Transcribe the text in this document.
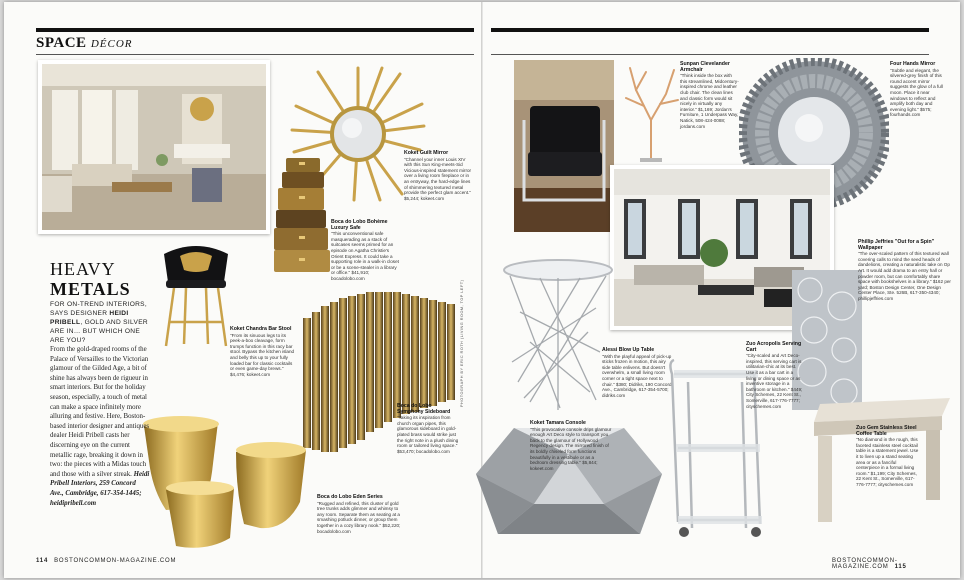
SPACE DÉCOR
Koket Guilt Mirror
"Channel your inner Louis XIV with this Sun King-meets-Sid Vicious-inspired statement mirror over a living room fireplace or in an entryway, the hard-edge lines of shimmering textured metal provide the perfect glam accent." $5,244; kokeet.com
Boca do Lobo Bohème Luxury Safe
"This unconventional safe masquerading as a stack of suitcases seems primed for an episode on Agatha Christie's Orient Express. It could take a supporting role in a walk-in closet or be a scene-stealer in a library or office." $41,910; bocadolobo.com
Koket Chandra Bar Stool
"From its sinuous legs to its peek-a-boo cleavage, form trumps function in this racy bar stool. Bypass the kitchen island and belly this up to your fully loaded bar for classic cocktails or even game-day brews." $4,476; kokeet.com
Boca do Lobo Symphony Sideboard
"Taking its inspiration from church organ pipes, this glamorous sideboard in gold-plated brass would strike just the right note in a plush dining room or tailored living space." $53,470; bocadolobo.com
Boca do Lobo Eden Series
"Rugged and refined, this cluster of gold tree trunks adds glimmer and whimsy to any room. Separate them as seating at a smashing potluck dinner, or group them together in a cozy library nook." $52,220; bocadolobo.com
HEAVY
METALS
FOR ON-TREND INTERIORS, SAYS DESIGNER HEIDI PRIBELL, GOLD AND SILVER ARE IN… BUT WHICH ONE ARE YOU?
From the gold-draped rooms of the Palace of Versailles to the Victorian glamour of the Gilded Age, a bit of shine has always been de rigueur in smart interiors. But for the holiday season, especially, a touch of metal can make a space infinitely more alluring and festive. Here, Boston-based interior designer and antiques dealer Heidi Pribell casts her discerning eye on the current metallic rage, breaking it down in two: the pieces with a Midas touch and those with a silver streak. Heidi Pribell Interiors, 259 Concord Ave., Cambridge, 617-354-1445; heidipribell.com
114 BOSTONCOMMON-MAGAZINE.COM
PHOTOGRAPH BY ERIC ROTH (LIVING ROOM, TOP LEFT)
Sunpan Clevelander Armchair
"Think inside the box with this streamlined, Midcentury-inspired chrome and leather club chair. The clean lines and classic form would sit nicely in virtually any interior." $1,169; Jordan's Furniture, 1 Underpass Way, Natick, 508-424-0088; jordans.com
Four Hands Mirror
"Subtle and elegant, the silvered-grey finish of this round accent mirror suggests the glow of a full moon. Place it near windows to reflect and amplify both day and evening light." $575; fourhands.com
Phillip Jeffries "Out for a Spin" Wallpaper
"The over-scaled pattern of this textured wall covering calls to mind the seed heads of dandelions, creating a naturalistic take on Op Art. It would add drama to an entry hall or powder room, but can comfortably share space with bookshelves in a library." $162 per yard; Boston Design Center, One Design Center Place, Ste. 526B, 617-350-4340; phillipjeffries.com
Alessi Blow Up Table
"With the playful appeal of pick-up sticks frozen in motion, this airy side table enlivens. But doesn't overwhelm, a small living room corner or a tight space next to chair." $380; Didriks, 190 Concord Ave., Cambridge, 617-354-5700; didriks.com
Koket Tamara Console
"This provocative console drips glamour enough Art Deco style to transport you back to the glamour of Hollywood Regency design. The mirrored finish of its boldly chiseled form functions beautifully in a vestibule or as a bedroom dressing table." $5,844; kokeet.com
Zuo Acropolis Serving Cart
"City-scaled and Art Deco-inspired, this serving cart is utilitarian-chic at its best. Use it as a bar cart in a living or dining space or as inventive storage in a bathroom or kitchen." $449; City Schemes, 22 Kent St., Somerville, 617-776-7777; cityschemes.com
Zuo Gem Stainless Steel Coffee Table
"No diamond in the rough, this faceted stainless steel cocktail table is a statement jewel. Use it to liven up a stand seating area or as a fanciful centerpiece in a formal living room." $1,199; City Schemes, 22 Kent St., Somerville, 617-776-7777; cityschemes.com
BOSTONCOMMON-MAGAZINE.COM 115
